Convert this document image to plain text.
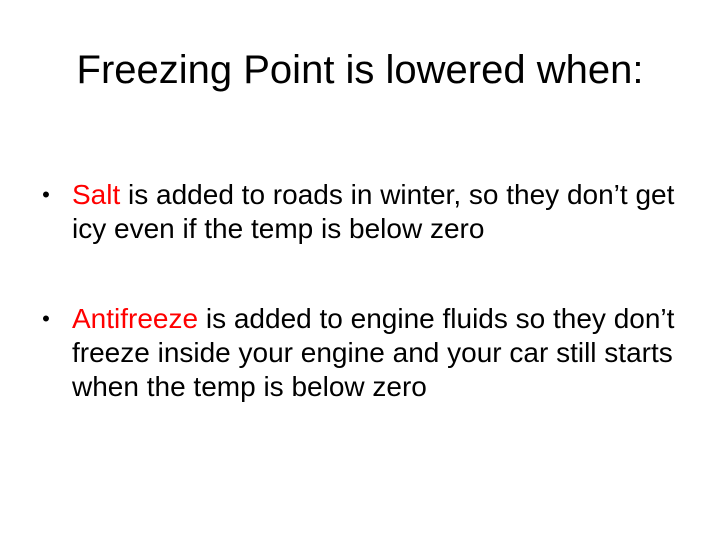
Freezing Point is lowered when:
• Salt is added to roads in winter, so they don’t get icy even if the temp is below zero
• Antifreeze is added to engine fluids so they don’t freeze inside your engine and your car still starts when the temp is below zero
